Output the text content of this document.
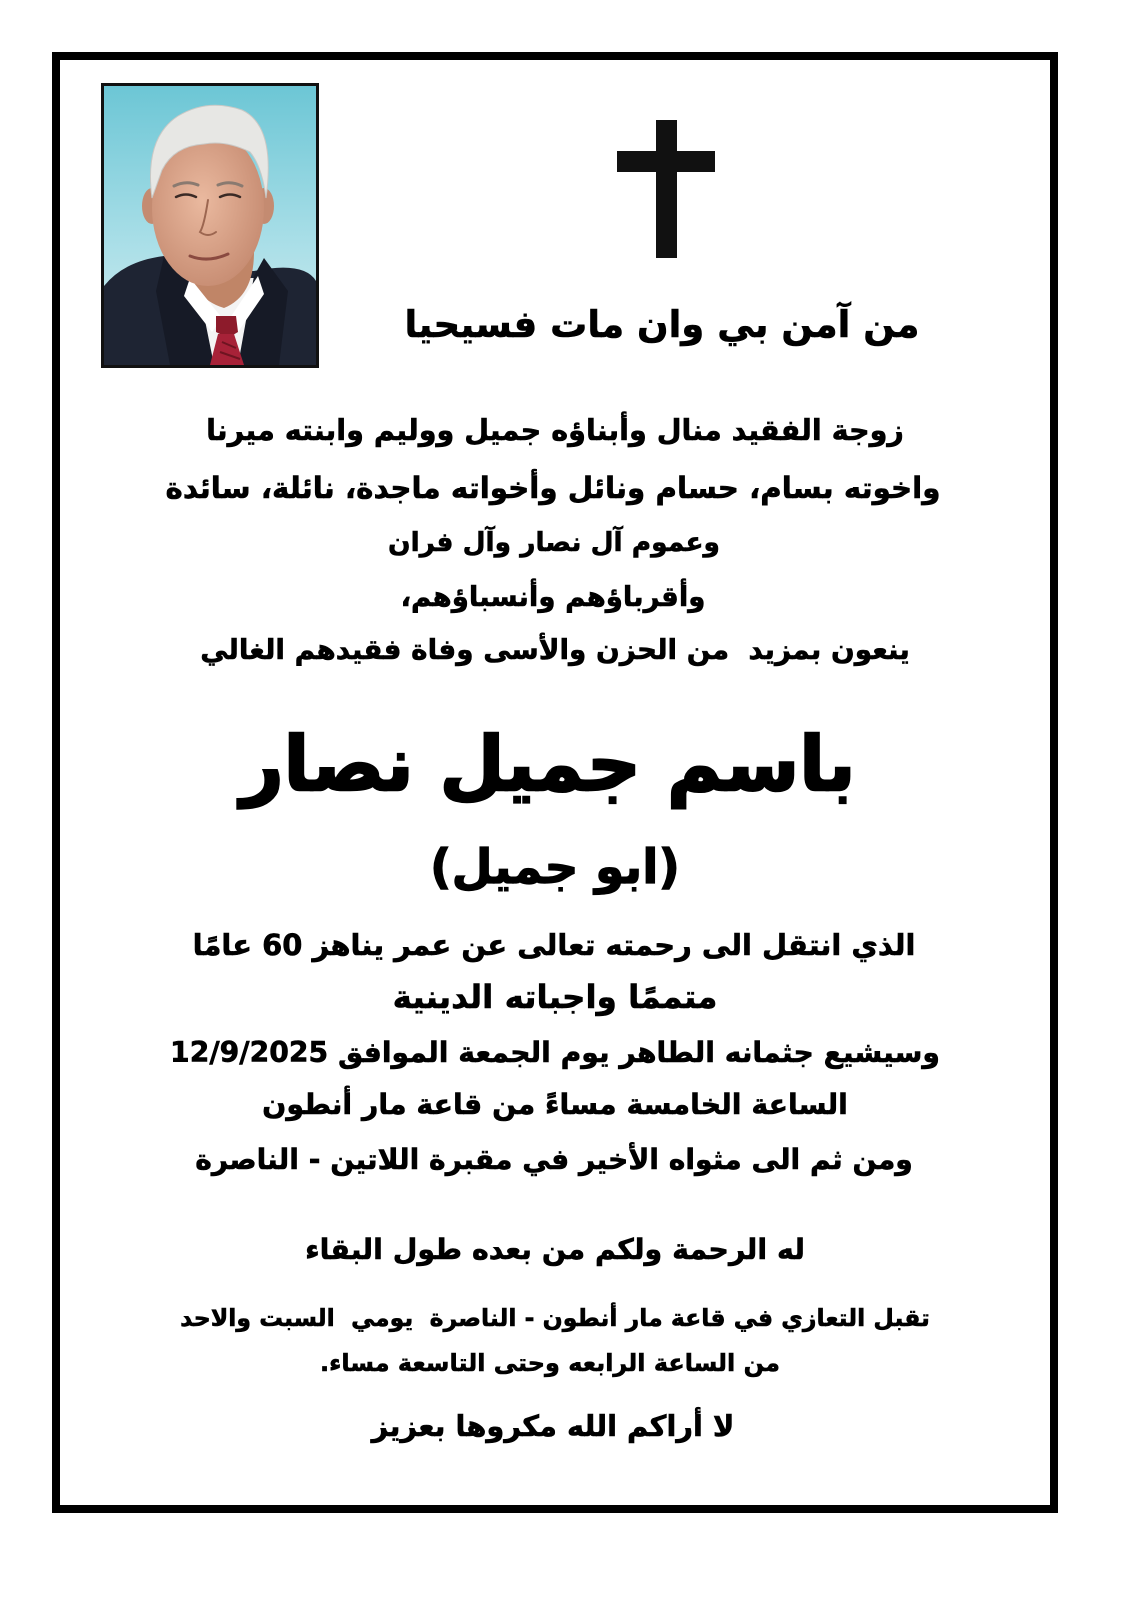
من آمن بي وان مات فسيحيا
زوجة الفقيد منال وأبناؤه جميل ووليم وابنته ميرنا
واخوته بسام، حسام ونائل وأخواته ماجدة، نائلة، سائدة
وعموم آل نصار وآل فران
وأقرباؤهم وأنسباؤهم،
ينعون بمزيد  من الحزن والأسى وفاة فقيدهم الغالي
باسم جميل نصار
(ابو جميل)
الذي انتقل الى رحمته تعالى عن عمر يناهز 60 عامًا
متممًا واجباته الدينية
وسيشيع جثمانه الطاهر يوم الجمعة الموافق 12/9/2025
الساعة الخامسة مساءً من قاعة مار أنطون
ومن ثم الى مثواه الأخير في مقبرة اللاتين - الناصرة
له الرحمة ولكم من بعده طول البقاء
تقبل التعازي في قاعة مار أنطون - الناصرة  يومي  السبت والاحد
من الساعة الرابعه وحتى التاسعة مساء.
لا أراكم الله مكروها بعزيز
